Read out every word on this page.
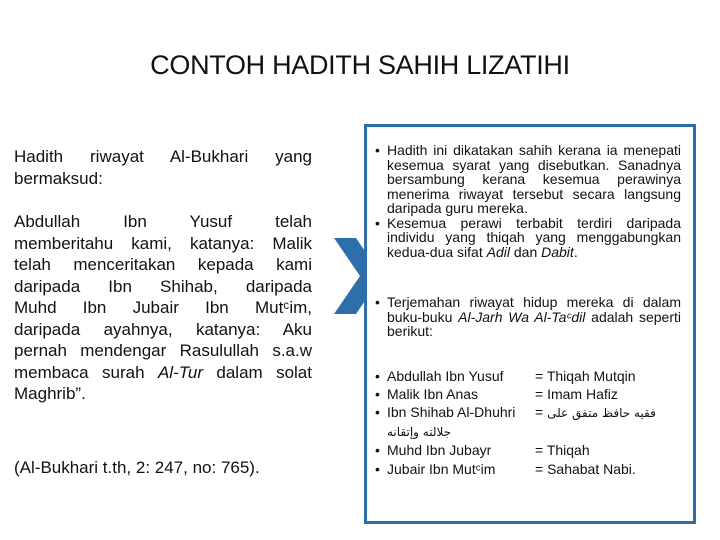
CONTOH HADITH SAHIH LIZATIHI
Hadith riwayat Al-Bukhari yang
bermaksud:
Abdullah Ibn Yusuf telah
memberitahu kami, katanya: Malik
telah menceritakan kepada kami
daripada Ibn Shihab, daripada
Muhd Ibn Jubair Ibn Mutᶜim,
daripada ayahnya, katanya: Aku
pernah mendengar Rasulullah s.a.w
membaca surah Al-Tur dalam solat
Maghrib”.
(Al-Bukhari t.th, 2: 247, no: 765).
• Hadith ini dikatakan sahih kerana ia menepati kesemua syarat yang disebutkan. Sanadnya bersambung kerana kesemua perawinya menerima riwayat tersebut secara langsung daripada guru mereka.
• Kesemua perawi terbabit terdiri daripada individu yang thiqah yang menggabungkan kedua-dua sifat Adil dan Dabit.
• Terjemahan riwayat hidup mereka di dalam buku-buku Al-Jarh Wa Al-Taᶜdil adalah seperti berikut:
• Abdullah Ibn Yusuf = Thiqah Mutqin
• Malik Ibn Anas	= Imam Hafiz
• Ibn Shihab Al-Dhuhri = فقيه حافظ متفق على
جلالته وإتقانه
• Muhd Ibn Jubayr	= Thiqah
• Jubair Ibn Mutᶜim	= Sahabat Nabi.
